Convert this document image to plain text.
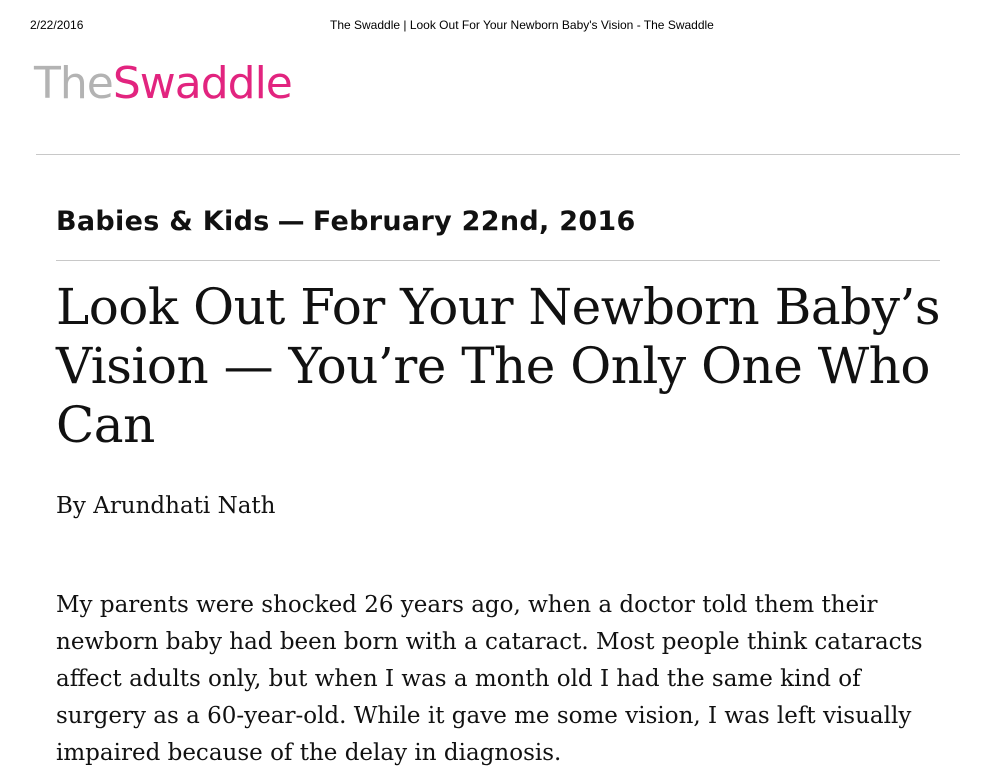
2/22/2016	The Swaddle | Look Out For Your Newborn Baby's Vision - The Swaddle
TheSwaddle
Babies & Kids — February 22nd, 2016
Look Out For Your Newborn Baby’s Vision — You’re The Only One Who Can
By Arundhati Nath

My parents were shocked 26 years ago, when a doctor told them their
newborn baby had been born with a cataract. Most people think cataracts
affect adults only, but when I was a month old I had the same kind of
surgery as a 60-year-old. While it gave me some vision, I was left visually
impaired because of the delay in diagnosis.
